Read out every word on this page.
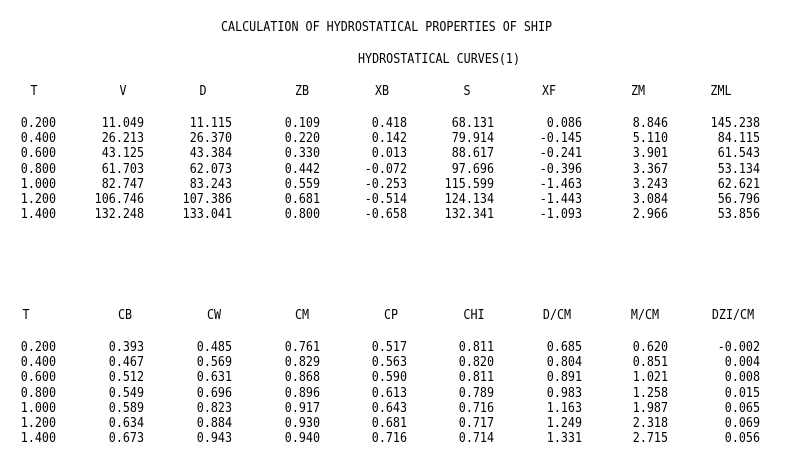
CALCULATION OF HYDROSTATICAL PROPERTIES OF SHIP
HYDROSTATICAL CURVES(1)
T	V	D	ZB	XB	S	XF	ZM	ZML
0.200	11.049	11.115	0.109	0.418	68.131	0.086	8.846	145.238
0.400	26.213	26.370	0.220	0.142	79.914	-0.145	5.110	84.115
0.600	43.125	43.384	0.330	0.013	88.617	-0.241	3.901	61.543
0.800	61.703	62.073	0.442	-0.072	97.696	-0.396	3.367	53.134
1.000	82.747	83.243	0.559	-0.253	115.599	-1.463	3.243	62.621
1.200	106.746	107.386	0.681	-0.514	124.134	-1.443	3.084	56.796
1.400	132.248	133.041	0.800	-0.658	132.341	-1.093	2.966	53.856
T	CB	CW	CM	CP	CHI	D/CM	M/CM	DZI/CM
0.200	0.393	0.485	0.761	0.517	0.811	0.685	0.620	-0.002
0.400	0.467	0.569	0.829	0.563	0.820	0.804	0.851	0.004
0.600	0.512	0.631	0.868	0.590	0.811	0.891	1.021	0.008
0.800	0.549	0.696	0.896	0.613	0.789	0.983	1.258	0.015
1.000	0.589	0.823	0.917	0.643	0.716	1.163	1.987	0.065
1.200	0.634	0.884	0.930	0.681	0.717	1.249	2.318	0.069
1.400	0.673	0.943	0.940	0.716	0.714	1.331	2.715	0.056
